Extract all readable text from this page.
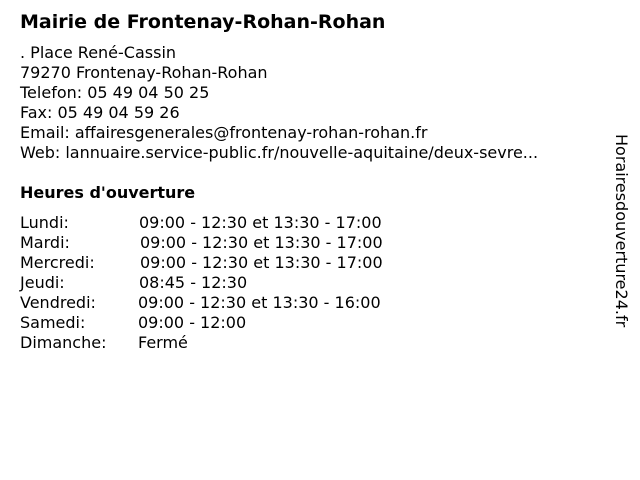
Mairie de Frontenay-Rohan-Rohan
. Place René-Cassin
79270 Frontenay-Rohan-Rohan
Telefon: 05 49 04 50 25
Fax: 05 49 04 59 26
Email: affairesgenerales@frontenay-rohan-rohan.fr
Web: lannuaire.service-public.fr/nouvelle-aquitaine/deux-sevre...
Heures d'ouverture
Lundi:	09:00 - 12:30 et 13:30 - 17:00
Mardi:	09:00 - 12:30 et 13:30 - 17:00
Mercredi:	09:00 - 12:30 et 13:30 - 17:00
Jeudi:	08:45 - 12:30
Vendredi:	09:00 - 12:30 et 13:30 - 16:00
Samedi:	09:00 - 12:00
Dimanche: Fermé
Horairesdouverture24.fr
